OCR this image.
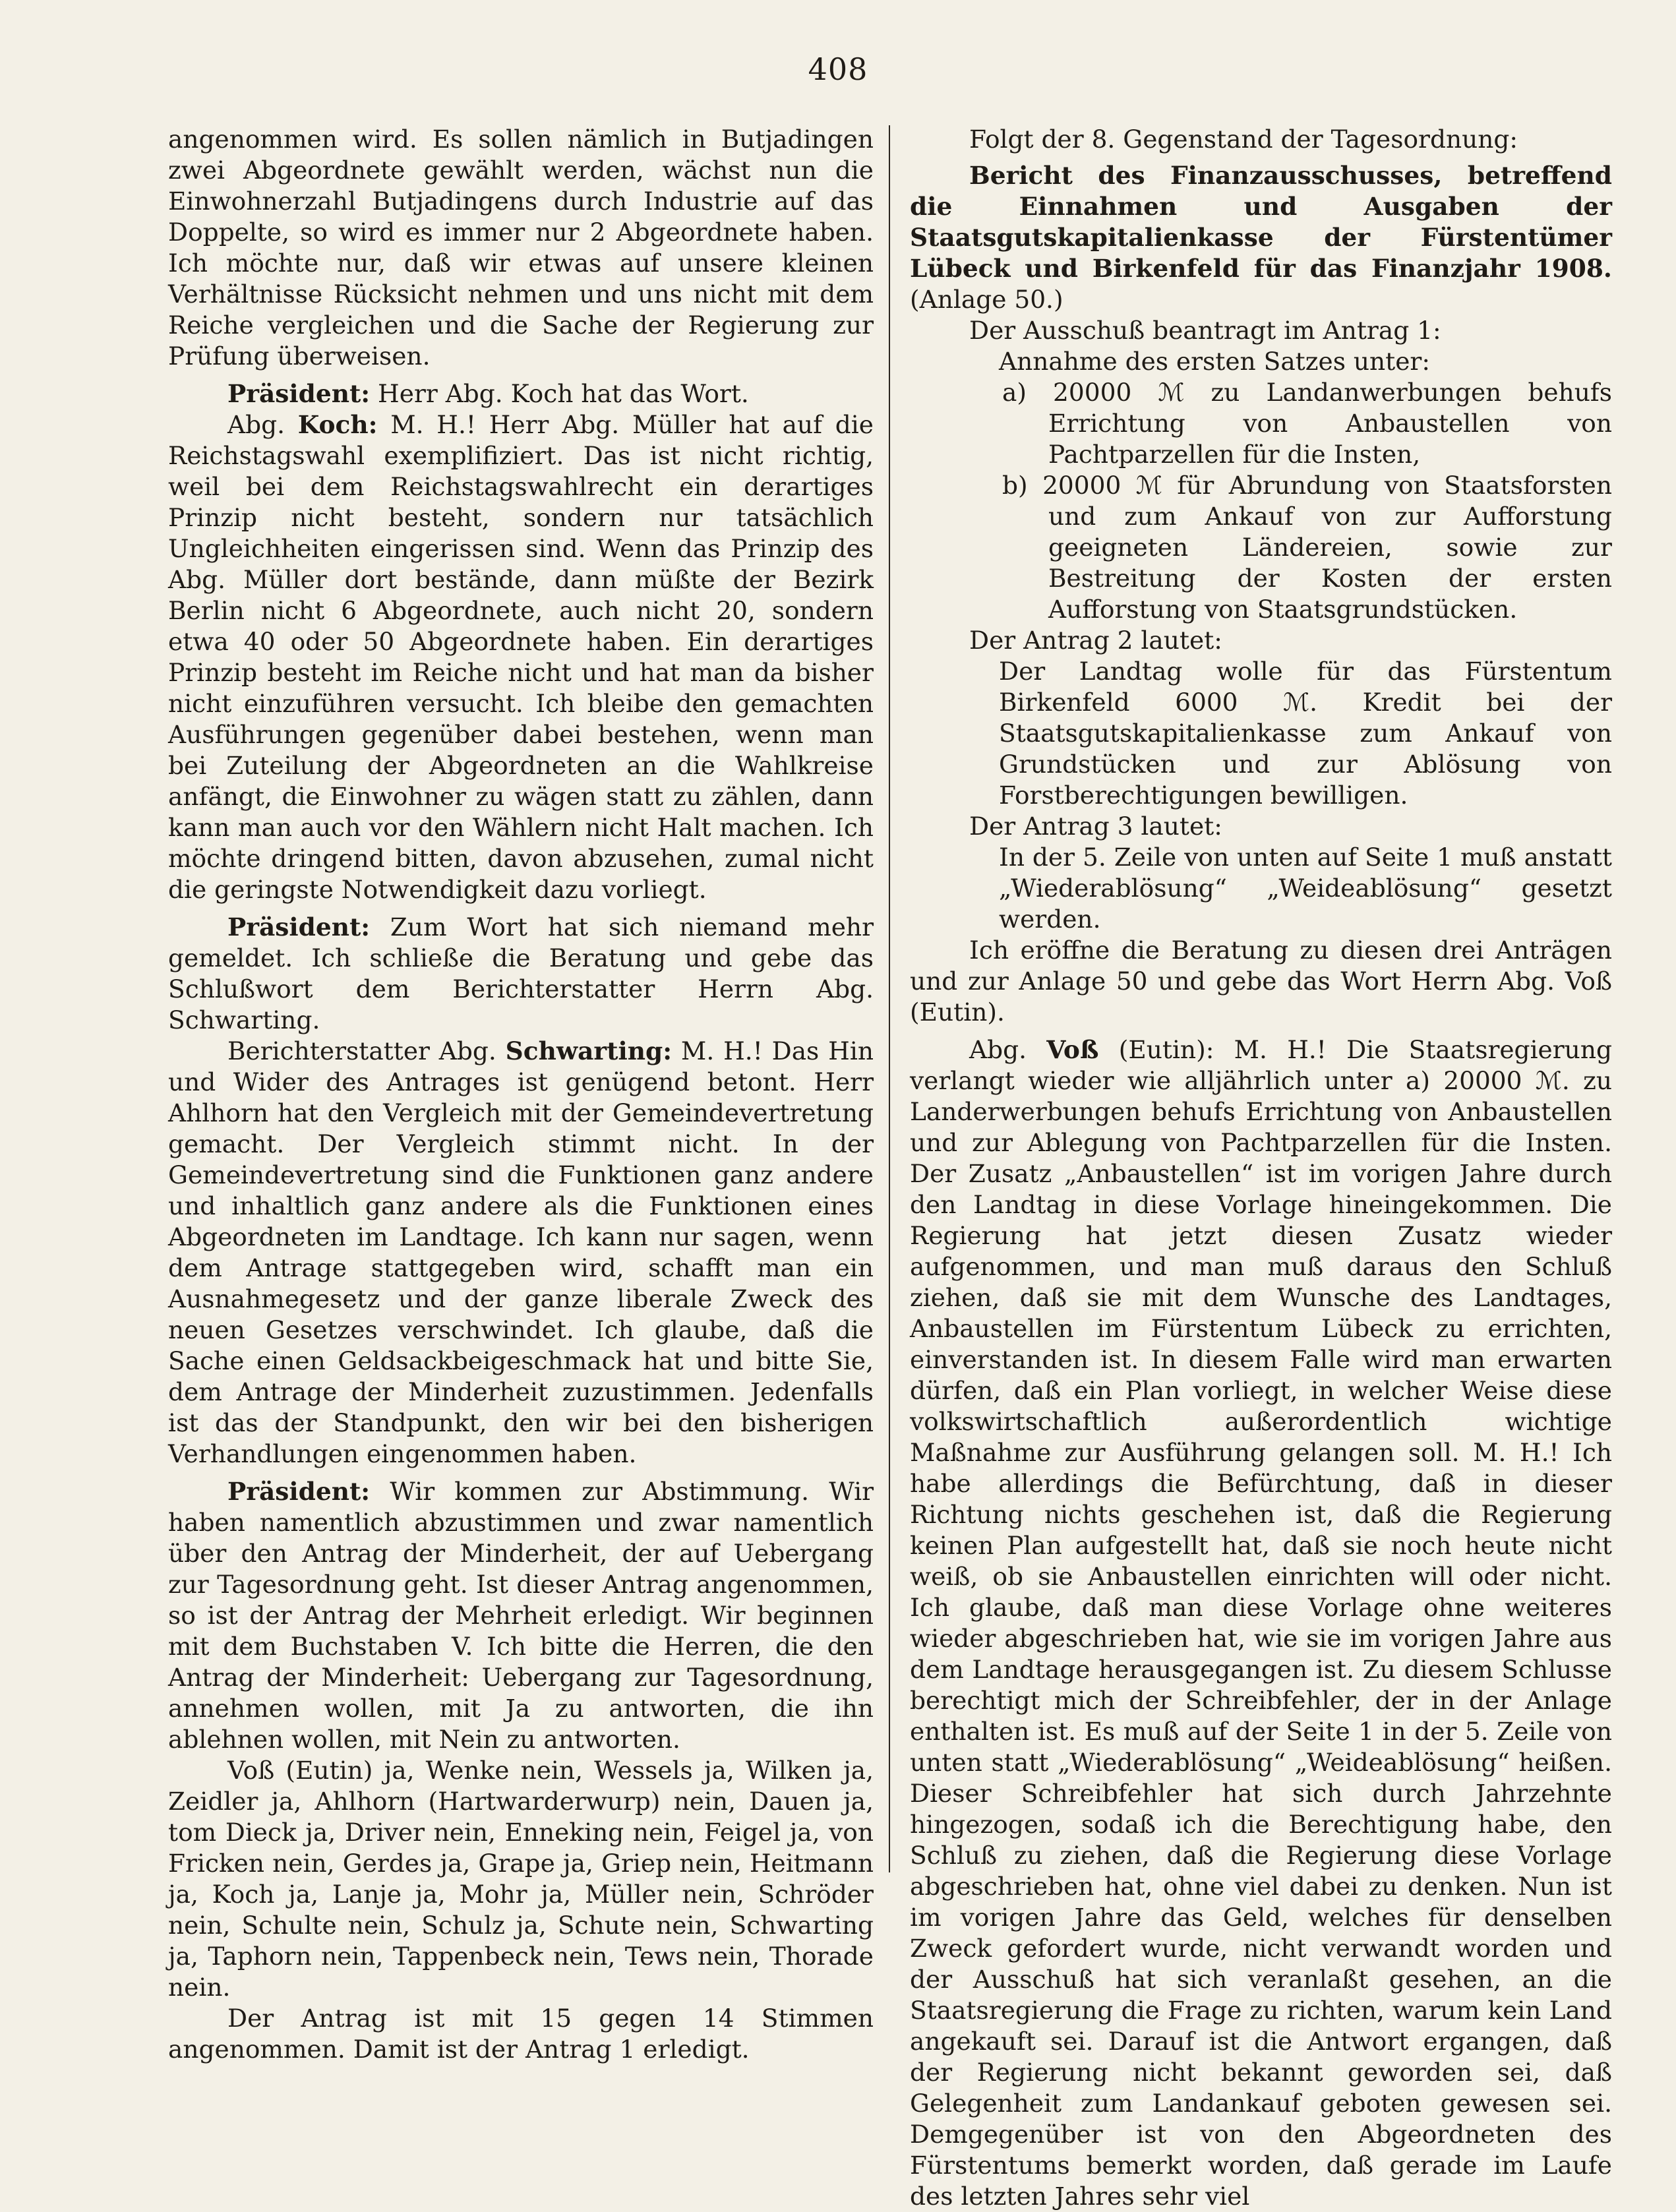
408

angenommen wird. Es sollen nämlich in Butjadingen zwei Abgeordnete gewählt werden, wächst nun die Einwohnerzahl Butjadingens durch Industrie auf das Doppelte, so wird es immer nur 2 Abgeordnete haben. Ich möchte nur, daß wir etwas auf unsere kleinen Verhältnisse Rücksicht nehmen und uns nicht mit dem Reiche vergleichen und die Sache der Regierung zur Prüfung überweisen.

Präsident: Herr Abg. Koch hat das Wort.

Abg. Koch: M. H.! Herr Abg. Müller hat auf die Reichstagswahl exemplifiziert. Das ist nicht richtig, weil bei dem Reichstagswahlrecht ein derartiges Prinzip nicht besteht, sondern nur tatsächlich Ungleichheiten eingerissen sind. Wenn das Prinzip des Abg. Müller dort bestände, dann müßte der Bezirk Berlin nicht 6 Abgeordnete, auch nicht 20, sondern etwa 40 oder 50 Abgeordnete haben. Ein derartiges Prinzip besteht im Reiche nicht und hat man da bisher nicht einzuführen versucht. Ich bleibe den gemachten Ausführungen gegenüber dabei bestehen, wenn man bei Zuteilung der Abgeordneten an die Wahlkreise anfängt, die Einwohner zu wägen statt zu zählen, dann kann man auch vor den Wählern nicht Halt machen. Ich möchte dringend bitten, davon abzusehen, zumal nicht die geringste Notwendigkeit dazu vorliegt.

Präsident: Zum Wort hat sich niemand mehr gemeldet. Ich schließe die Beratung und gebe das Schlußwort dem Berichterstatter Herrn Abg. Schwarting.

Berichterstatter Abg. Schwarting: M. H.! Das Hin und Wider des Antrages ist genügend betont. Herr Ahlhorn hat den Vergleich mit der Gemeindevertretung gemacht. Der Vergleich stimmt nicht. In der Gemeindevertretung sind die Funktionen ganz andere und inhaltlich ganz andere als die Funktionen eines Abgeordneten im Landtage. Ich kann nur sagen, wenn dem Antrage stattgegeben wird, schafft man ein Ausnahmegesetz und der ganze liberale Zweck des neuen Gesetzes verschwindet. Ich glaube, daß die Sache einen Geldsackbeigeschmack hat und bitte Sie, dem Antrage der Minderheit zuzustimmen. Jedenfalls ist das der Standpunkt, den wir bei den bisherigen Verhandlungen eingenommen haben.

Präsident: Wir kommen zur Abstimmung. Wir haben namentlich abzustimmen und zwar namentlich über den Antrag der Minderheit, der auf Uebergang zur Tagesordnung geht. Ist dieser Antrag angenommen, so ist der Antrag der Mehrheit erledigt. Wir beginnen mit dem Buchstaben V. Ich bitte die Herren, die den Antrag der Minderheit: Uebergang zur Tagesordnung, annehmen wollen, mit Ja zu antworten, die ihn ablehnen wollen, mit Nein zu antworten.

Voß (Eutin) ja, Wenke nein, Wessels ja, Wilken ja, Zeidler ja, Ahlhorn (Hartwarderwurp) nein, Dauen ja, tom Dieck ja, Driver nein, Enneking nein, Feigel ja, von Fricken nein, Gerdes ja, Grape ja, Griep nein, Heitmann ja, Koch ja, Lanje ja, Mohr ja, Müller nein, Schröder nein, Schulte nein, Schulz ja, Schute nein, Schwarting ja, Taphorn nein, Tappenbeck nein, Tews nein, Thorade nein.

Der Antrag ist mit 15 gegen 14 Stimmen angenommen. Damit ist der Antrag 1 erledigt.

Folgt der 8. Gegenstand der Tagesordnung:

Bericht des Finanzausschusses, betreffend die Einnahmen und Ausgaben der Staatsgutskapitalienkasse der Fürstentümer Lübeck und Birkenfeld für das Finanzjahr 1908. (Anlage 50.)

Der Ausschuß beantragt im Antrag 1:

Annahme des ersten Satzes unter:

a) 20000 ℳ zu Landanwerbungen behufs Errichtung von Anbaustellen von Pachtparzellen für die Insten,

b) 20000 ℳ für Abrundung von Staatsforsten und zum Ankauf von zur Aufforstung geeigneten Ländereien, sowie zur Bestreitung der Kosten der ersten Aufforstung von Staatsgrundstücken.

Der Antrag 2 lautet:

Der Landtag wolle für das Fürstentum Birkenfeld 6000 ℳ. Kredit bei der Staatsgutskapitalienkasse zum Ankauf von Grundstücken und zur Ablösung von Forstberechtigungen bewilligen.

Der Antrag 3 lautet:

In der 5. Zeile von unten auf Seite 1 muß anstatt „Wiederablösung“ „Weideablösung“ gesetzt werden.

Ich eröffne die Beratung zu diesen drei Anträgen und zur Anlage 50 und gebe das Wort Herrn Abg. Voß (Eutin).

Abg. Voß (Eutin): M. H.! Die Staatsregierung verlangt wieder wie alljährlich unter a) 20000 ℳ. zu Landerwerbungen behufs Errichtung von Anbaustellen und zur Ablegung von Pachtparzellen für die Insten. Der Zusatz „Anbaustellen“ ist im vorigen Jahre durch den Landtag in diese Vorlage hineingekommen. Die Regierung hat jetzt diesen Zusatz wieder aufgenommen, und man muß daraus den Schluß ziehen, daß sie mit dem Wunsche des Landtages, Anbaustellen im Fürstentum Lübeck zu errichten, einverstanden ist. In diesem Falle wird man erwarten dürfen, daß ein Plan vorliegt, in welcher Weise diese volkswirtschaftlich außerordentlich wichtige Maßnahme zur Ausführung gelangen soll. M. H.! Ich habe allerdings die Befürchtung, daß in dieser Richtung nichts geschehen ist, daß die Regierung keinen Plan aufgestellt hat, daß sie noch heute nicht weiß, ob sie Anbaustellen einrichten will oder nicht. Ich glaube, daß man diese Vorlage ohne weiteres wieder abgeschrieben hat, wie sie im vorigen Jahre aus dem Landtage herausgegangen ist. Zu diesem Schlusse berechtigt mich der Schreibfehler, der in der Anlage enthalten ist. Es muß auf der Seite 1 in der 5. Zeile von unten statt „Wiederablösung“ „Weideablösung“ heißen. Dieser Schreibfehler hat sich durch Jahrzehnte hingezogen, sodaß ich die Berechtigung habe, den Schluß zu ziehen, daß die Regierung diese Vorlage abgeschrieben hat, ohne viel dabei zu denken. Nun ist im vorigen Jahre das Geld, welches für denselben Zweck gefordert wurde, nicht verwandt worden und der Ausschuß hat sich veranlaßt gesehen, an die Staatsregierung die Frage zu richten, warum kein Land angekauft sei. Darauf ist die Antwort ergangen, daß der Regierung nicht bekannt geworden sei, daß Gelegenheit zum Landankauf geboten gewesen sei. Demgegenüber ist von den Abgeordneten des Fürstentums bemerkt worden, daß gerade im Laufe des letzten Jahres sehr viel
